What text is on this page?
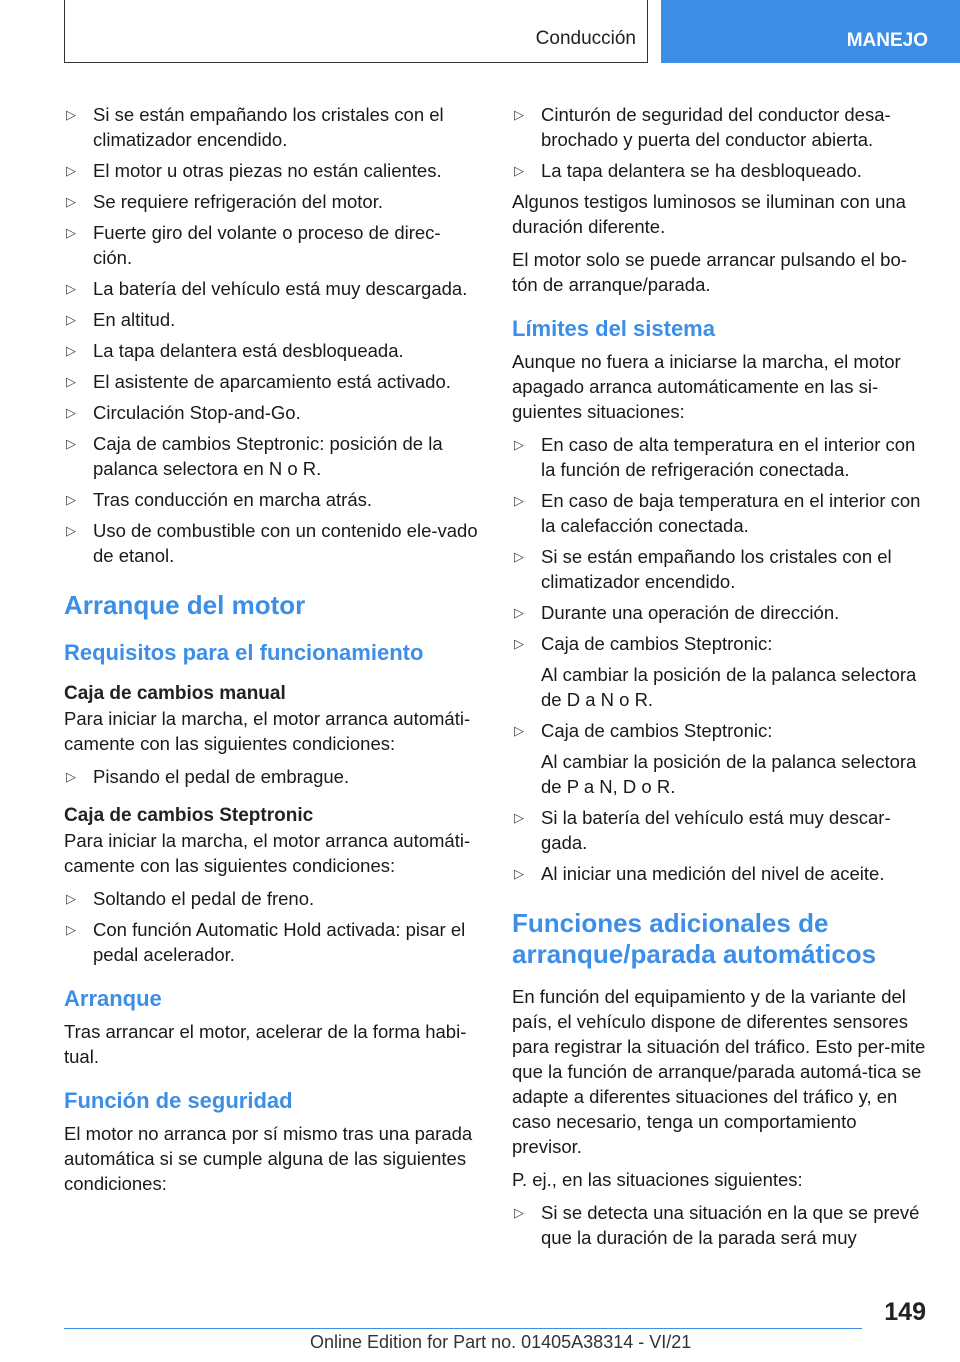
Conducción	MANEJO
▷ Si se están empañando los cristales con el climatizador encendido.
▷ El motor u otras piezas no están calientes.
▷ Se requiere refrigeración del motor.
▷ Fuerte giro del volante o proceso de direc‐ción.
▷ La batería del vehículo está muy descargada.
▷ En altitud.
▷ La tapa delantera está desbloqueada.
▷ El asistente de aparcamiento está activado.
▷ Circulación Stop-and-Go.
▷ Caja de cambios Steptronic: posición de la palanca selectora en N o R.
▷ Tras conducción en marcha atrás.
▷ Uso de combustible con un contenido ele‐vado de etanol.
Arranque del motor
Requisitos para el funcionamiento
Caja de cambios manual

Para iniciar la marcha, el motor arranca automáti‐camente con las siguientes condiciones:

▷ Pisando el pedal de embrague.
Caja de cambios Steptronic

Para iniciar la marcha, el motor arranca automáti‐camente con las siguientes condiciones:

▷ Soltando el pedal de freno.
▷ Con función Automatic Hold activada: pisar el pedal acelerador.
Arranque

Tras arrancar el motor, acelerar de la forma habi‐tual.

Función de seguridad

El motor no arranca por sí mismo tras una parada automática si se cumple alguna de las siguientes condiciones:

▷ Cinturón de seguridad del conductor desa‐brochado y puerta del conductor abierta.
▷ La tapa delantera se ha desbloqueado.

Algunos testigos luminosos se iluminan con una duración diferente.

El motor solo se puede arrancar pulsando el bo‐tón de arranque/parada.

Límites del sistema

Aunque no fuera a iniciarse la marcha, el motor apagado arranca automáticamente en las si‐guientes situaciones:

▷ En caso de alta temperatura en el interior con la función de refrigeración conectada.
▷ En caso de baja temperatura en el interior con la calefacción conectada.
▷ Si se están empañando los cristales con el climatizador encendido.
▷ Durante una operación de dirección.
▷ Caja de cambios Steptronic:
Al cambiar la posición de la palanca selectora de D a N o R.
▷ Caja de cambios Steptronic:
Al cambiar la posición de la palanca selectora de P a N, D o R.
▷ Si la batería del vehículo está muy descar‐gada.
▷ Al iniciar una medición del nivel de aceite.
Funciones adicionales de arranque/parada automáticos

En función del equipamiento y de la variante del país, el vehículo dispone de diferentes sensores para registrar la situación del tráfico. Esto per‐mite que la función de arranque/parada automá‐tica se adapte a diferentes situaciones del tráfico y, en caso necesario, tenga un comportamiento previsor.

P. ej., en las situaciones siguientes:

▷ Si se detecta una situación en la que se prevé que la duración de la parada será muy
149
Online Edition for Part no. 01405A38314 - VI/21
